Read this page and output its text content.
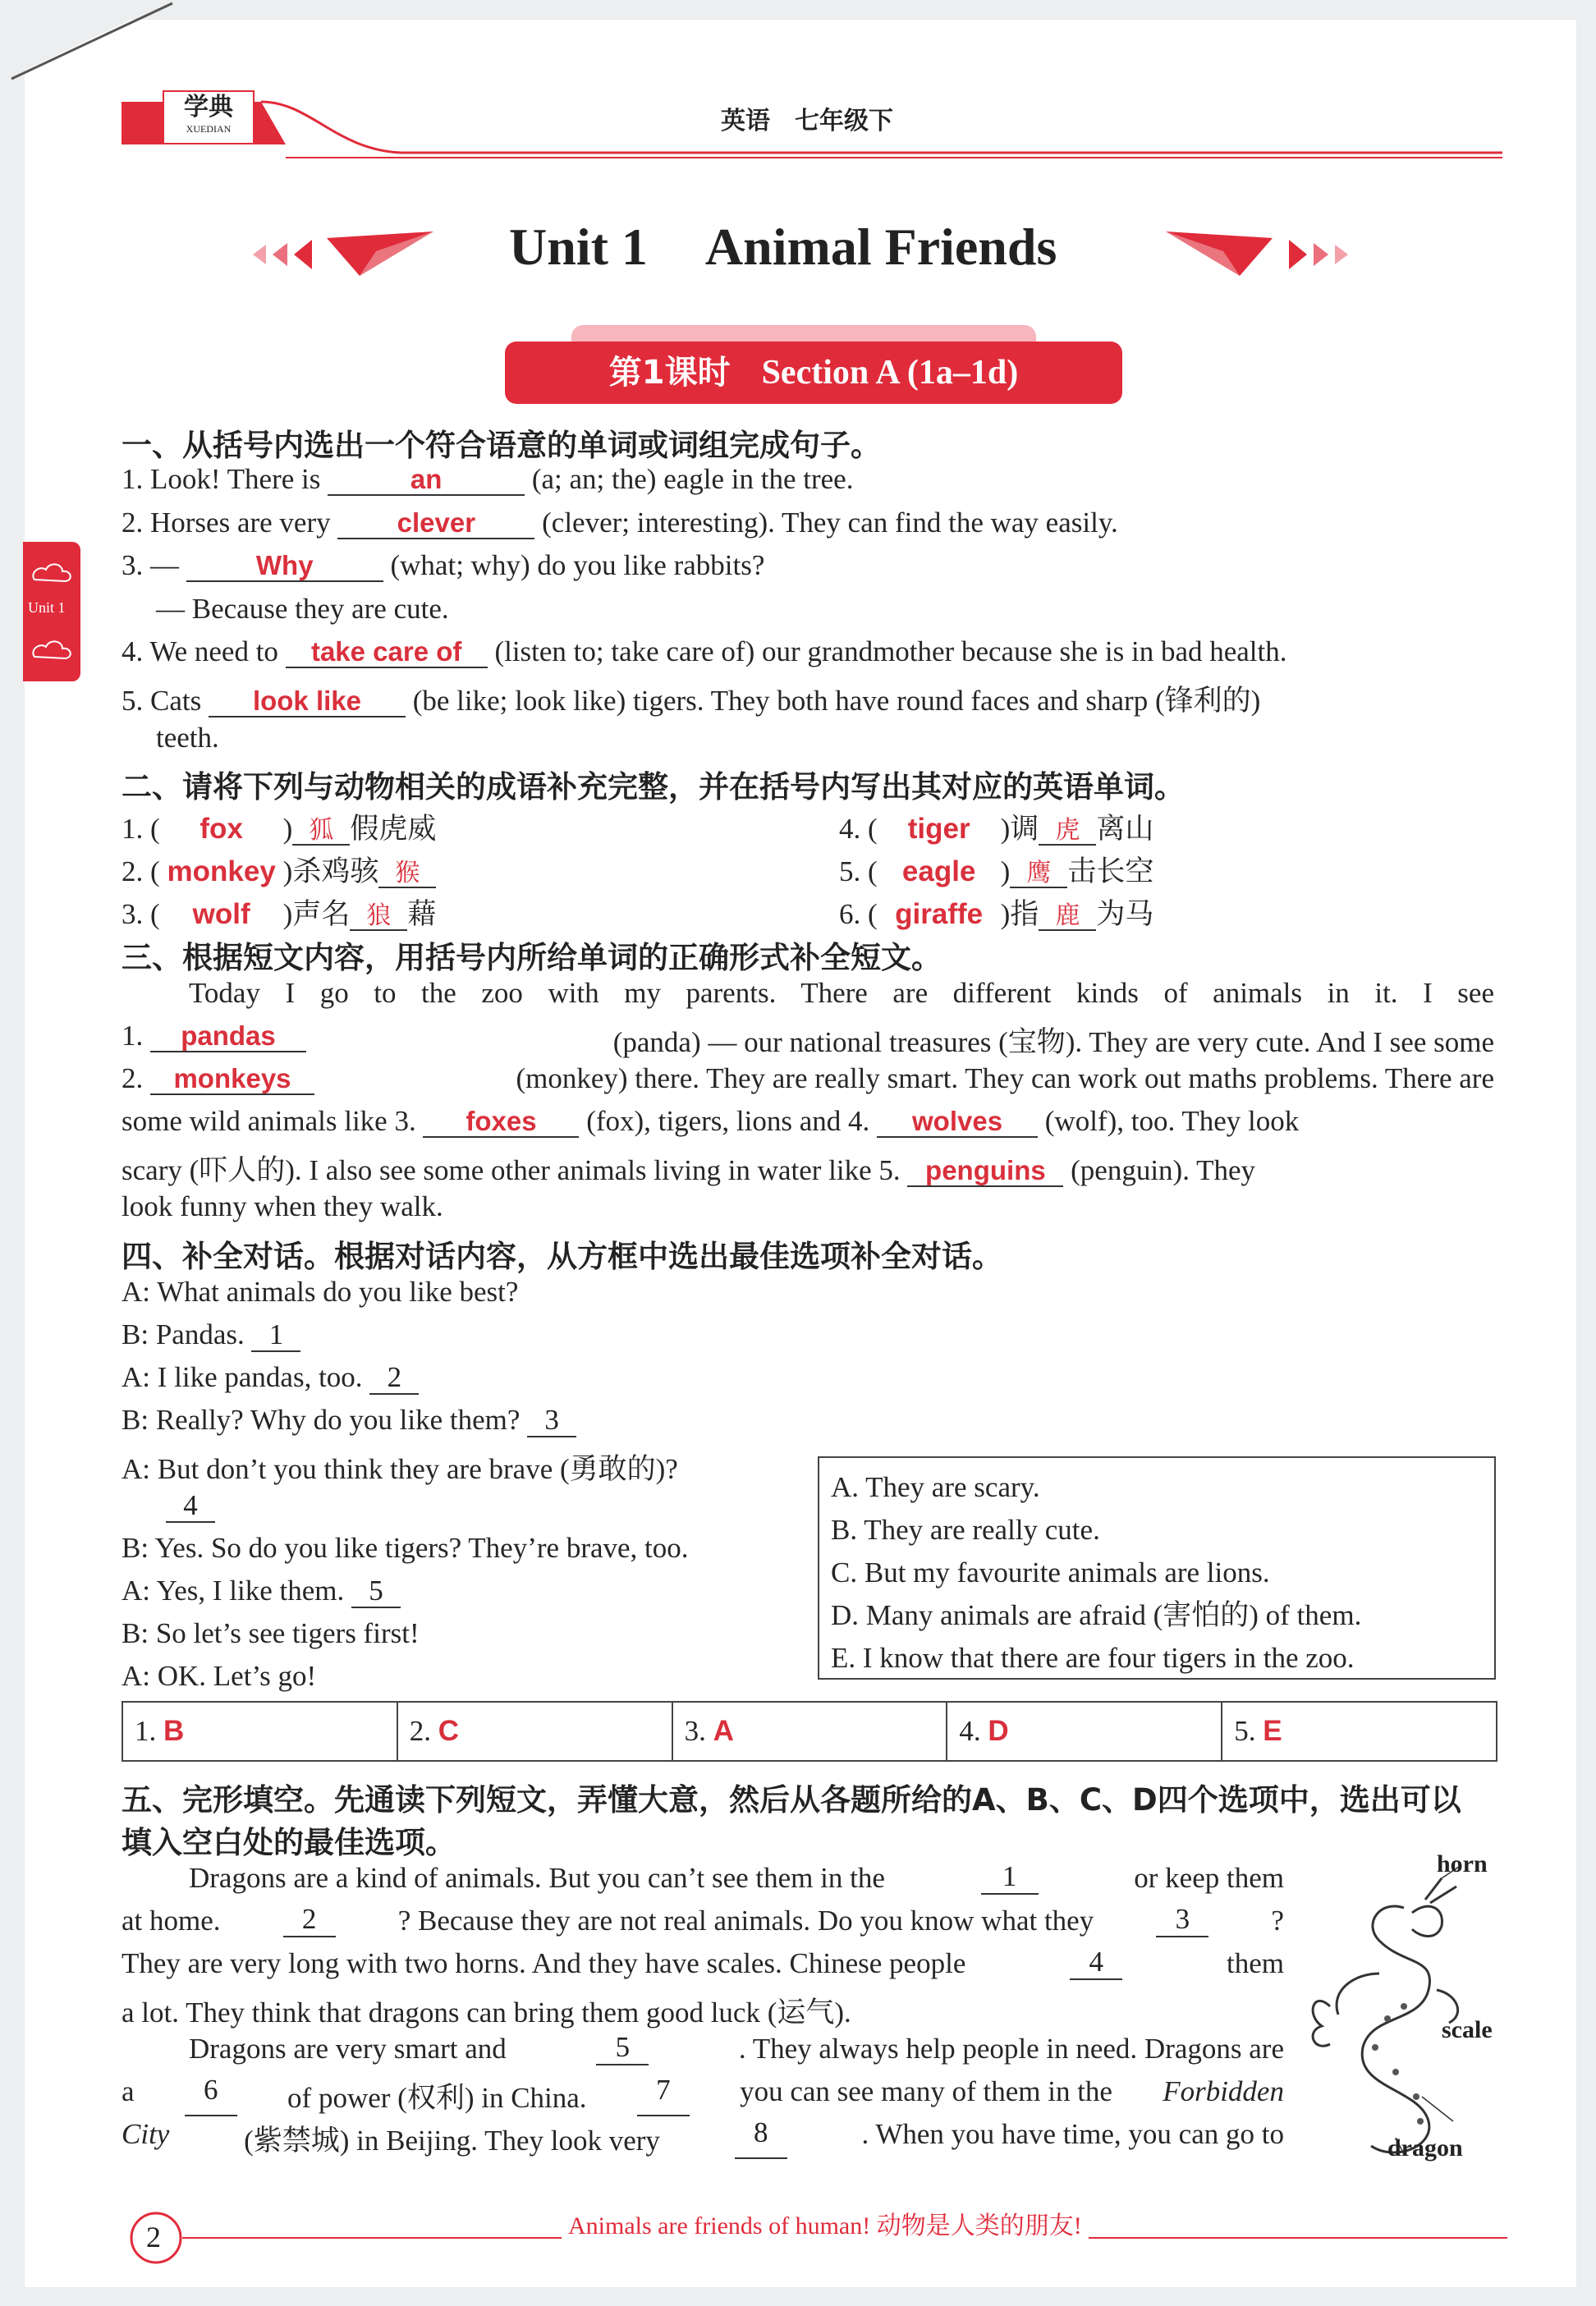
学典
XUEDIAN	英语　七年级下
Unit 1
Unit 1 Animal Friends
第1课时 Section A (1a–1d)
一、从括号内选出一个符合语意的单词或词组完成句子。
1. Look! There is	an	(a; an; the) eagle in the tree.
2. Horses are very clever (clever; interesting). They can find the way easily.
3. —	Why	(what; why) do you like rabbits?
— Because they are cute.
4. We need to take care of (listen to; take care of) our grandmother because she is in bad health.
5. Cats look like (be like; look like) tigers. They both have round faces and sharp (锋利的)
teeth.
二、请将下列与动物相关的成语补充完整，并在括号内写出其对应的英语单词。
1. ( fox ) 狐 假虎威
2. ( monkey )杀鸡骇 猴
3. ( wolf )声名 狼 藉
4. ( tiger )调 虎 离山
5. ( eagle ) 鹰 击长空
6. ( giraffe )指 鹿 为马
三、根据短文内容，用括号内所给单词的正确形式补全短文。
Today I go to the zoo with my parents. There are different kinds of animals in it. I see
1. pandas	(panda) — our national treasures (宝物). They are very cute. And I see some
2. monkeys	(monkey) there. They are really smart. They can work out maths problems. There are
some wild animals like 3. foxes (fox), tigers, lions and 4. wolves (wolf), too. They look
scary (吓人的). I also see some other animals living in water like 5. penguins (penguin). They
look funny when they walk.
四、补全对话。根据对话内容，从方框中选出最佳选项补全对话。
A: What animals do you like best?
B: Pandas. 1
A: I like pandas, too. 2
B: Really? Why do you like them? 3
A: But don’t you think they are brave (勇敢的)?
4
B: Yes. So do you like tigers? They’re brave, too.
A: Yes, I like them. 5
B: So let’s see tigers first!
A: OK. Let’s go!
A. They are scary.
B. They are really cute.
C. But my favourite animals are lions.
D. Many animals are afraid (害怕的) of them.
E. I know that there are four tigers in the zoo.
1. B	2. C	3. A	4. D	5. E
五、完形填空。先通读下列短文，弄懂大意，然后从各题所给的A、B、C、D四个选项中，选出可以
填入空白处的最佳选项。
Dragons are a kind of animals. But you can’t see them in the	1	or keep them
at home.	2	? Because they are not real animals. Do you know what they	3	?
They are very long with two horns. And they have scales. Chinese people	4	them
a lot. They think that dragons can bring them good luck (运气).
Dragons are very smart and	5	. They always help people in need. Dragons are
a	6	of power (权利) in China.	7	you can see many of them in the Forbidden
City	(紫禁城) in Beijing. They look very	8	. When you have time, you can go to
horn
scale
dragon
2	Animals are friends of human! 动物是人类的朋友!
